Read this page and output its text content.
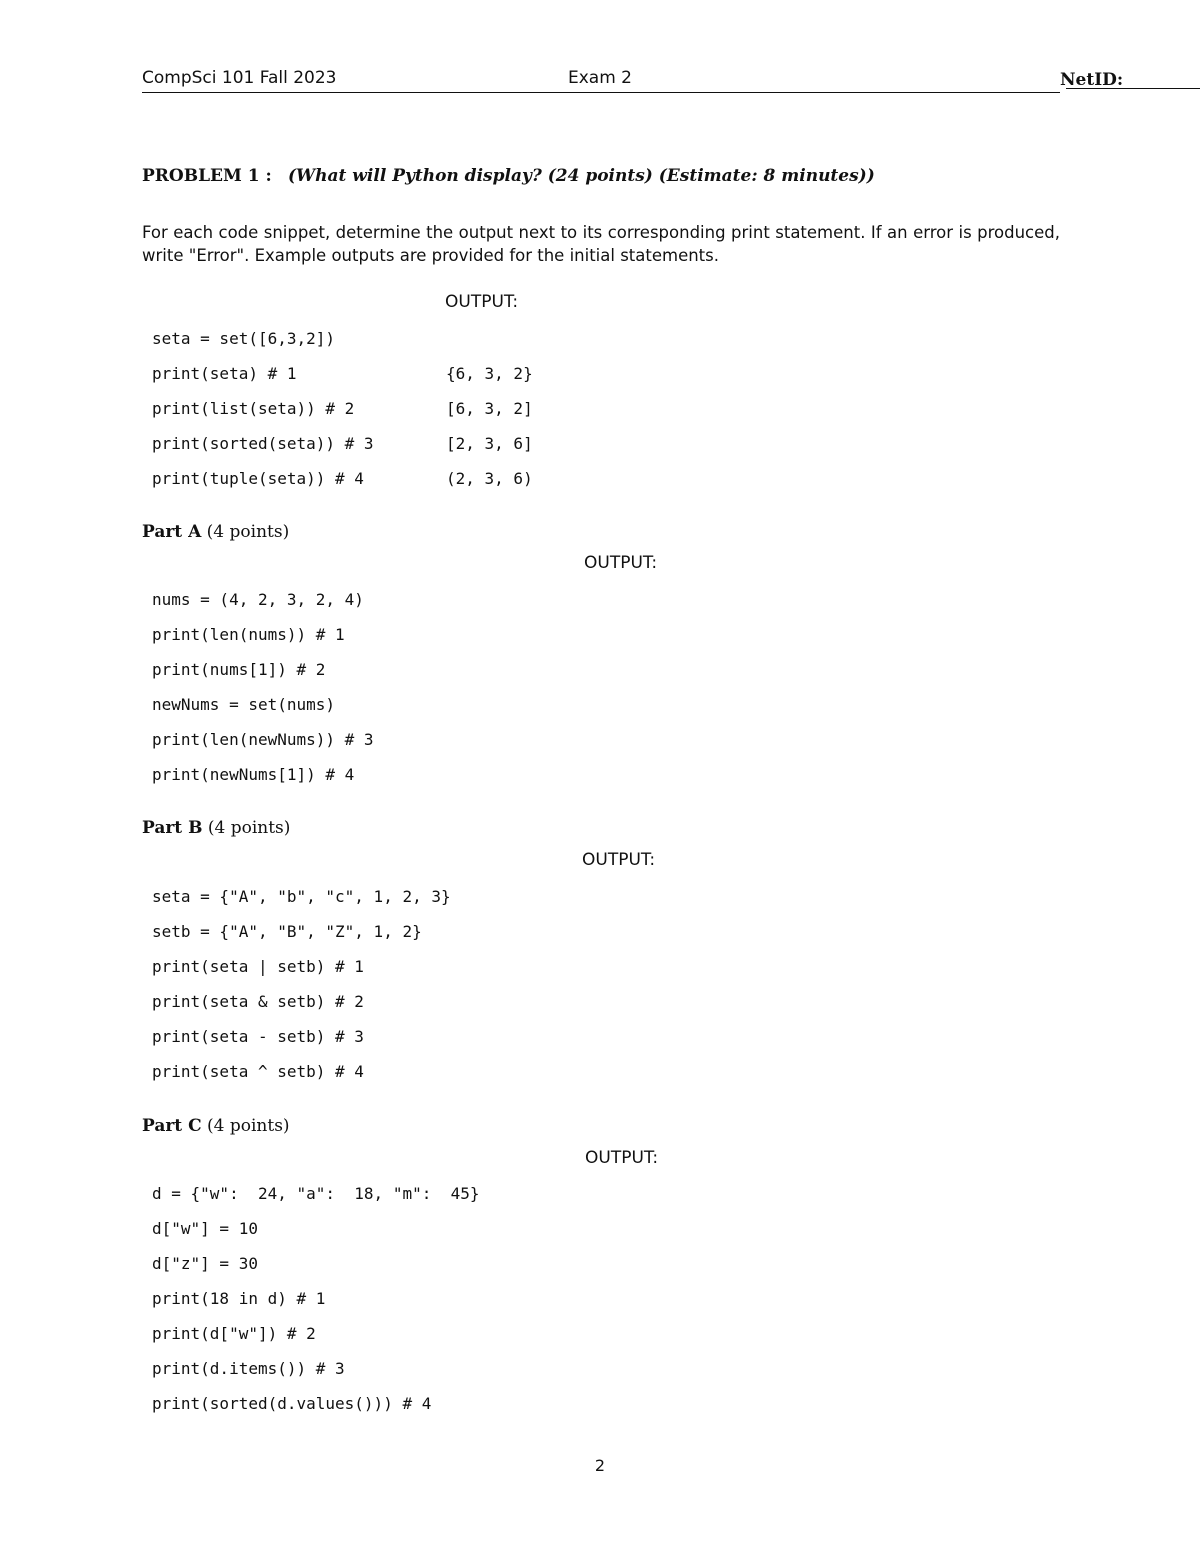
CompSci 101 Fall 2023	Exam 2	NetID:
PROBLEM 1 : (What will Python display? (24 points) (Estimate: 8 minutes))
For each code snippet, determine the output next to its corresponding print statement. If an error is produced, write "Error". Example outputs are provided for the initial statements.
OUTPUT:
seta = set([6,3,2])
print(seta) # 1	{6, 3, 2}
print(list(seta)) # 2	[6, 3, 2]
print(sorted(seta)) # 3	[2, 3, 6]
print(tuple(seta)) # 4	(2, 3, 6)
Part A (4 points)
OUTPUT:
nums = (4, 2, 3, 2, 4)
print(len(nums)) # 1
print(nums[1]) # 2
newNums = set(nums)
print(len(newNums)) # 3
print(newNums[1]) # 4
Part B (4 points)
OUTPUT:
seta = {"A", "b", "c", 1, 2, 3}
setb = {"A", "B", "Z", 1, 2}
print(seta | setb) # 1
print(seta & setb) # 2
print(seta - setb) # 3
print(seta ^ setb) # 4
Part C (4 points)
OUTPUT:
d = {"w":  24, "a":  18, "m":  45}
d["w"] = 10
d["z"] = 30
print(18 in d) # 1
print(d["w"]) # 2
print(d.items()) # 3
print(sorted(d.values())) # 4
2
